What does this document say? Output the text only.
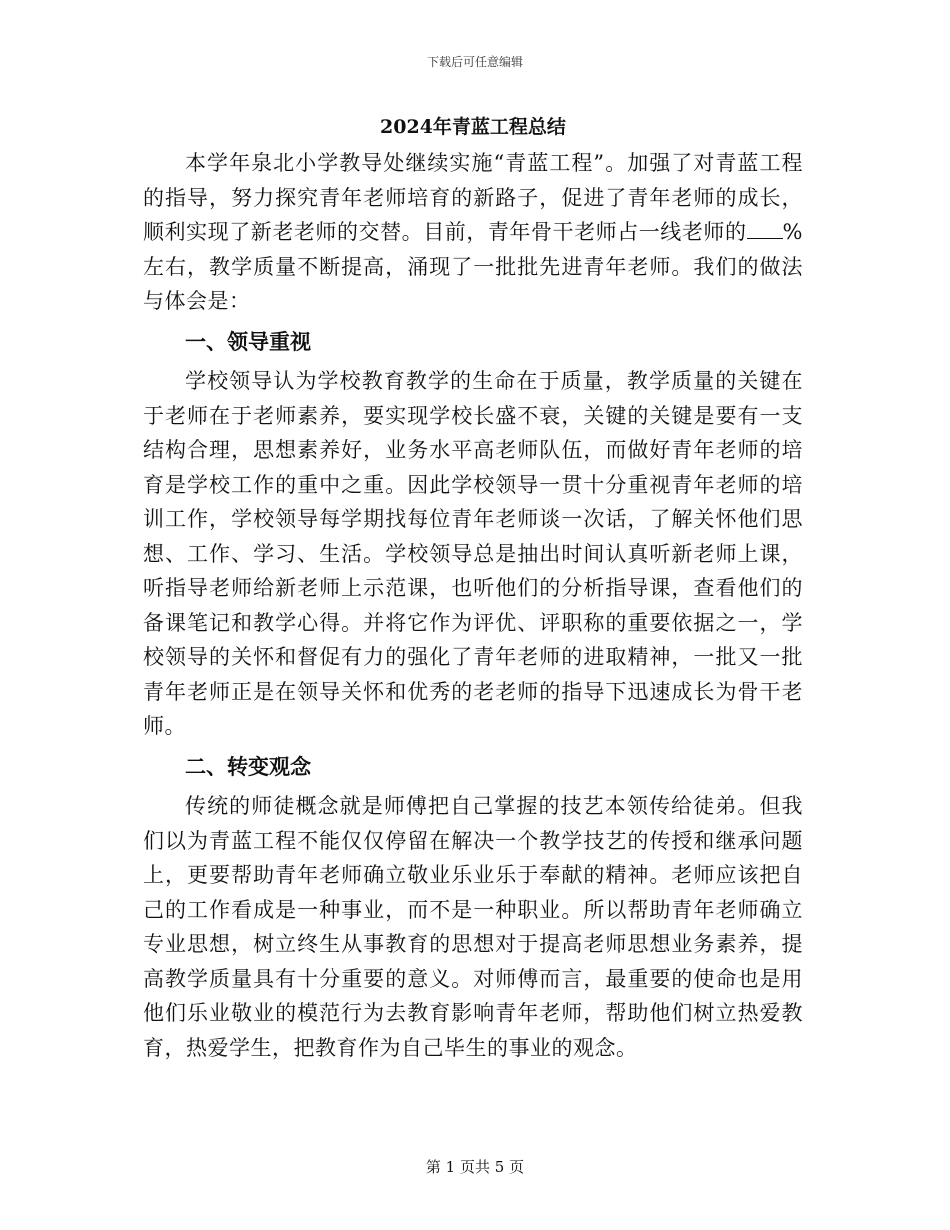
下载后可任意编辑
2024年青蓝工程总结

本学年泉北小学教导处继续实施“青蓝工程”。加强了对青蓝工程的指导，努力探究青年老师培育的新路子，促进了青年老师的成长，顺利实现了新老老师的交替。目前，青年骨干老师占一线老师的 %左右，教学质量不断提高，涌现了一批批先进青年老师。我们的做法与体会是：

一、领导重视

学校领导认为学校教育教学的生命在于质量，教学质量的关键在于老师在于老师素养，要实现学校长盛不衰，关键的关键是要有一支结构合理，思想素养好，业务水平高老师队伍，而做好青年老师的培育是学校工作的重中之重。因此学校领导一贯十分重视青年老师的培训工作，学校领导每学期找每位青年老师谈一次话，了解关怀他们思想、工作、学习、生活。学校领导总是抽出时间认真听新老师上课，听指导老师给新老师上示范课，也听他们的分析指导课，查看他们的备课笔记和教学心得。并将它作为评优、评职称的重要依据之一，学校领导的关怀和督促有力的强化了青年老师的进取精神，一批又一批青年老师正是在领导关怀和优秀的老老师的指导下迅速成长为骨干老师。

二、转变观念

传统的师徒概念就是师傅把自己掌握的技艺本领传给徒弟。但我们以为青蓝工程不能仅仅停留在解决一个教学技艺的传授和继承问题上，更要帮助青年老师确立敬业乐业乐于奉献的精神。老师应该把自己的工作看成是一种事业，而不是一种职业。所以帮助青年老师确立专业思想，树立终生从事教育的思想对于提高老师思想业务素养，提高教学质量具有十分重要的意义。对师傅而言，最重要的使命也是用他们乐业敬业的模范行为去教育影响青年老师，帮助他们树立热爱教育，热爱学生，把教育作为自己毕生的事业的观念。

第 1 页共 5 页
